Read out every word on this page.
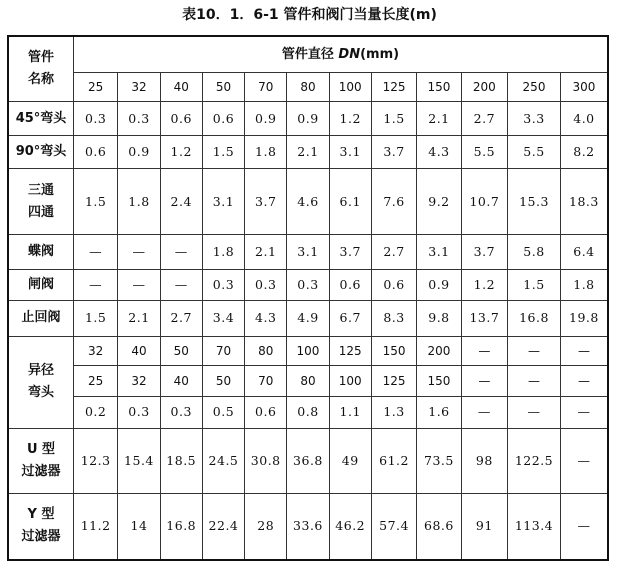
表10．1．6-1 管件和阀门当量长度(m)
管件
名称	管件直径 DN(mm)											
	25	32	40	50	70	80	100	125	150	200	250	300

45°弯头	0.3	0.3	0.6	0.6	0.9	0.9	1.2	1.5	2.1	2.7	3.3	4.0

90°弯头	0.6	0.9	1.2	1.5	1.8	2.1	3.1	3.7	4.3	5.5	5.5	8.2

三通
四通	1.5	1.8	2.4	3.1	3.7	4.6	6.1	7.6	9.2	10.7	15.3	18.3

蝶阀	—	—	—	1.8	2.1	3.1	3.7	2.7	3.1	3.7	5.8	6.4

闸阀	—	—	—	0.3	0.3	0.3	0.6	0.6	0.9	1.2	1.5	1.8

止回阀	1.5	2.1	2.7	3.4	4.3	4.9	6.7	8.3	9.8	13.7	16.8	19.8

异径
弯头	32	40	50	70	80	100	125	150	200	—	—	—
	25	32	40	50	70	80	100	125	150	—	—	—
	0.2	0.3	0.3	0.5	0.6	0.8	1.1	1.3	1.6	—	—	—

U 型
过滤器	12.3	15.4	18.5	24.5	30.8	36.8	49	61.2	73.5	98	122.5	—

Y 型
过滤器	11.2	14	16.8	22.4	28	33.6	46.2	57.4	68.6	91	113.4	—
